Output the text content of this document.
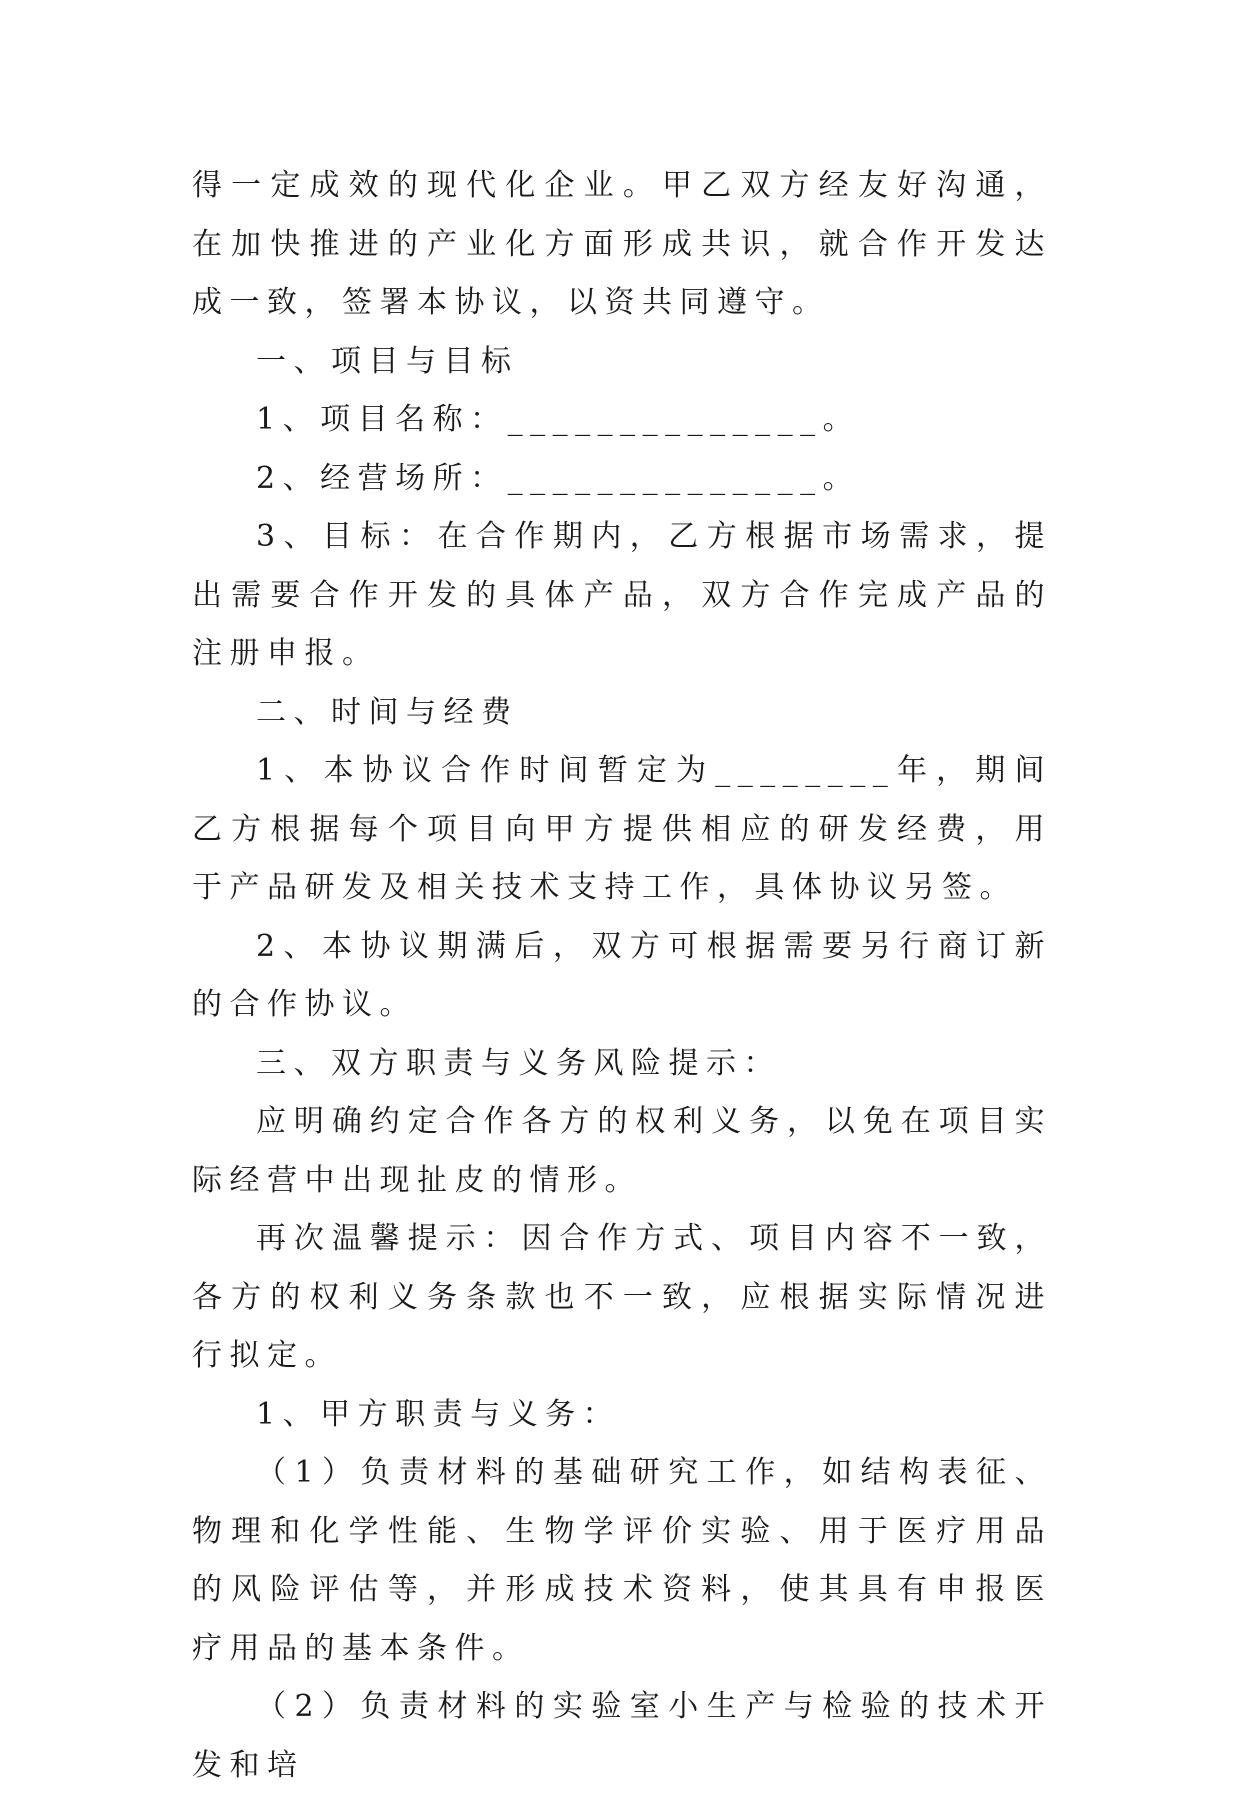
得一定成效的现代化企业。甲乙双方经友好沟通，在加快推进的产业化方面形成共识，就合作开发达成一致，签署本协议，以资共同遵守。

一、项目与目标

1、项目名称：______________。

2、经营场所：______________。

3、目标：在合作期内，乙方根据市场需求，提出需要合作开发的具体产品，双方合作完成产品的注册申报。

二、时间与经费

1、本协议合作时间暂定为________年，期间乙方根据每个项目向甲方提供相应的研发经费，用于产品研发及相关技术支持工作，具体协议另签。

2、本协议期满后，双方可根据需要另行商订新的合作协议。

三、双方职责与义务风险提示：

应明确约定合作各方的权利义务，以免在项目实际经营中出现扯皮的情形。

再次温馨提示：因合作方式、项目内容不一致，各方的权利义务条款也不一致，应根据实际情况进行拟定。

1、甲方职责与义务：

（1）负责材料的基础研究工作，如结构表征、物理和化学性能、生物学评价实验、用于医疗用品的风险评估等，并形成技术资料，使其具有申报医疗用品的基本条件。

（2）负责材料的实验室小生产与检验的技术开发和培
